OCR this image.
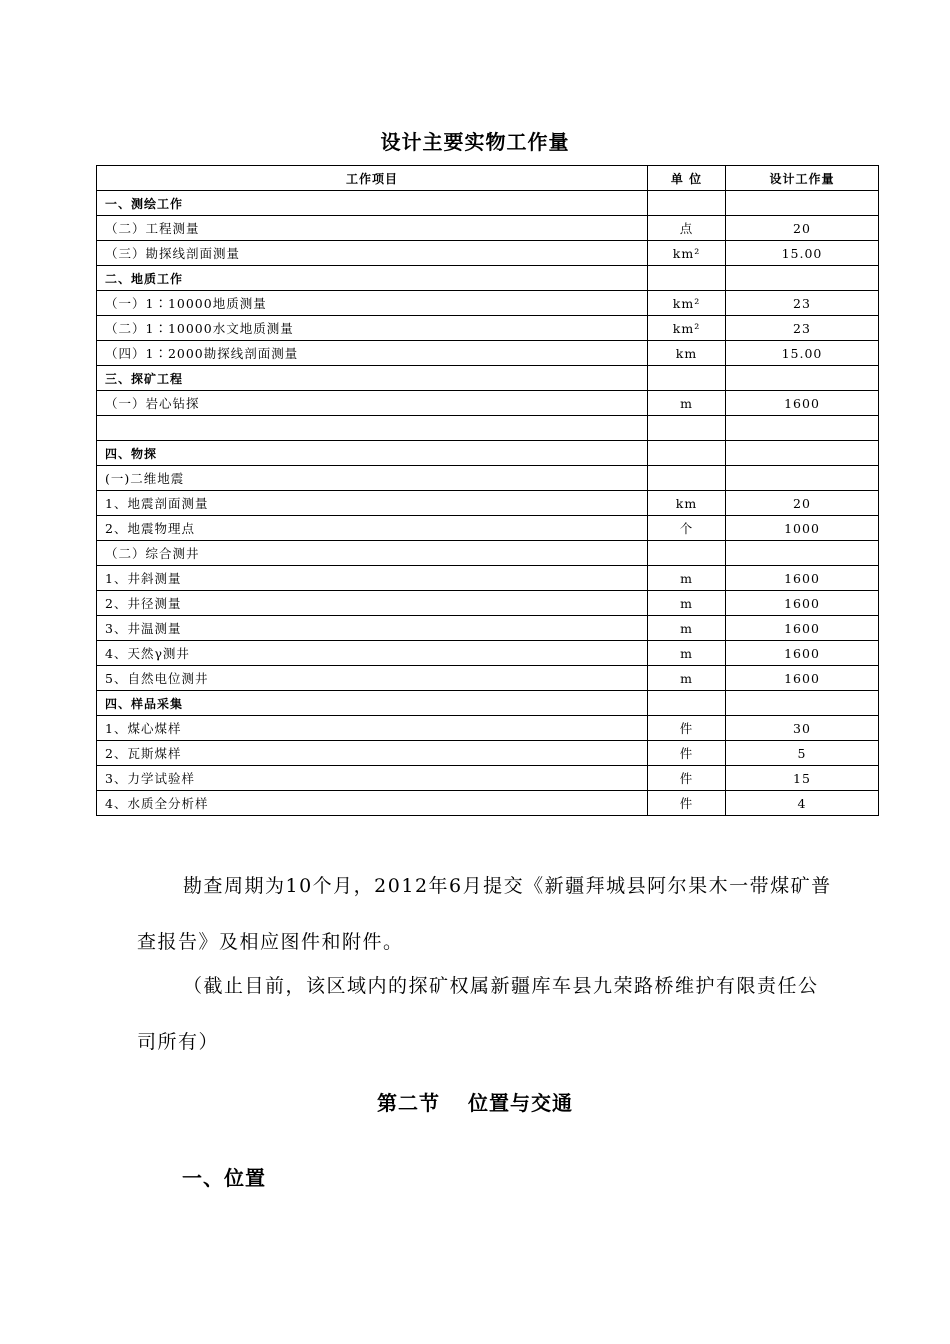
设计主要实物工作量
工作项目	单 位	设计工作量
一、测绘工作		
（二）工程测量	点	20
（三）勘探线剖面测量	km²	15.00
二、地质工作		
（一）1∶10000地质测量	km²	23
（二）1∶10000水文地质测量	km²	23
（四）1∶2000勘探线剖面测量	km	15.00
三、探矿工程		
（一）岩心钻探	m	1600

四、物探		
(一)二维地震		
1、地震剖面测量	km	20
2、地震物理点	个	1000
（二）综合测井		
1、井斜测量	m	1600
2、井径测量	m	1600
3、井温测量	m	1600
4、天然γ测井	m	1600
5、自然电位测井	m	1600
四、样品采集		
1、煤心煤样	件	30
2、瓦斯煤样	件	5
3、力学试验样	件	15
4、水质全分析样	件	4
勘查周期为10个月，2012年6月提交《新疆拜城县阿尔果木一带煤矿普查报告》及相应图件和附件。
（截止目前，该区域内的探矿权属新疆库车县九荣路桥维护有限责任公司所有）
第二节 位置与交通
一、位置
